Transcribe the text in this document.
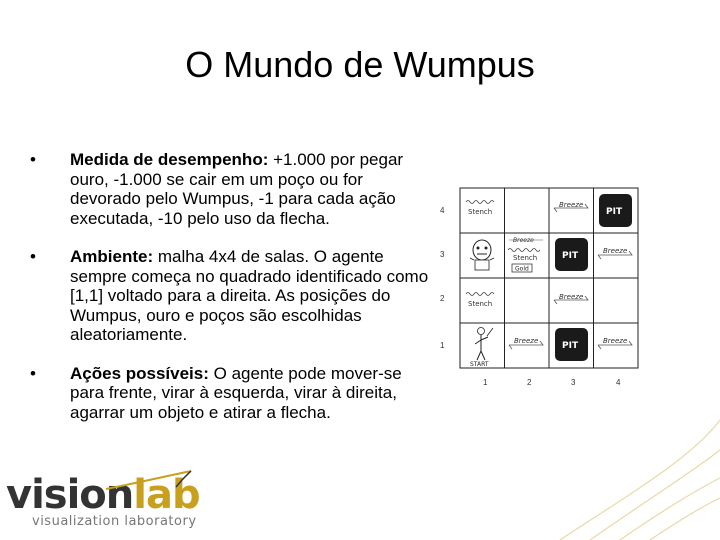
O Mundo de Wumpus
• Medida de desempenho: +1.000 por pegar ouro, -1.000 se cair em um poço ou for devorado pelo Wumpus, -1 para cada ação executada, -10 pelo uso da flecha.
• Ambiente: malha 4x4 de salas. O agente sempre começa no quadrado identificado como [1,1] voltado para a direita. As posições do Wumpus, ouro e poços são escolhidas aleatoriamente.
• Ações possíveis: O agente pode mover-se para frente, virar à esquerda, virar à direita, agarrar um objeto e atirar a flecha.
4
3
2
1
1	2	3	4
Stench
Breeze
PIT
Breeze
Stench
Gold
PIT	Breeze
Stench
Breeze
START
Breeze	PIT	Breeze
visionlab
visualization laboratory
